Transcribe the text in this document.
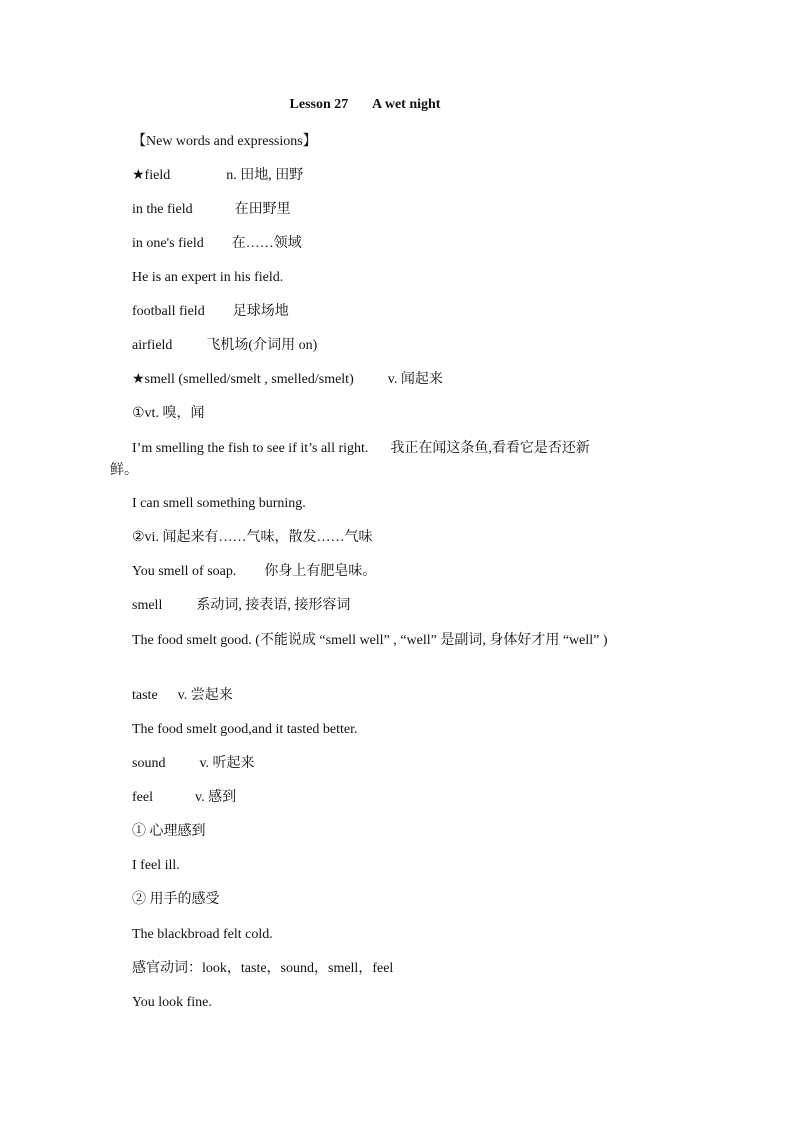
Lesson 27 A wet night
【New words and expressions】
★field	n. 田地, 田野
in the field	在田野里
in one's field 在……领域
He is an expert in his field.
football field 足球场地
airfield 飞机场(介词用 on)
★smell (smelled/smelt , smelled/smelt) v. 闻起来
①vt. 嗅，闻
I’m smelling the fish to see if it’s all right. 我正在闻这条鱼,看看它是否还新鲜。
I can smell something burning.
②vi. 闻起来有……气味，散发……气味
You smell of soap. 你身上有肥皂味。
smell 系动词, 接表语, 接形容词
The food smelt good. (不能说成 “smell well” , “well” 是副词, 身体好才用 “well” )
taste v. 尝起来
The food smelt good,and it tasted better.
sound v. 听起来
feel	v. 感到
① 心理感到
I feel ill.
② 用手的感受
The blackbroad felt cold.
感官动词：look，taste，sound，smell，feel
You look fine.
